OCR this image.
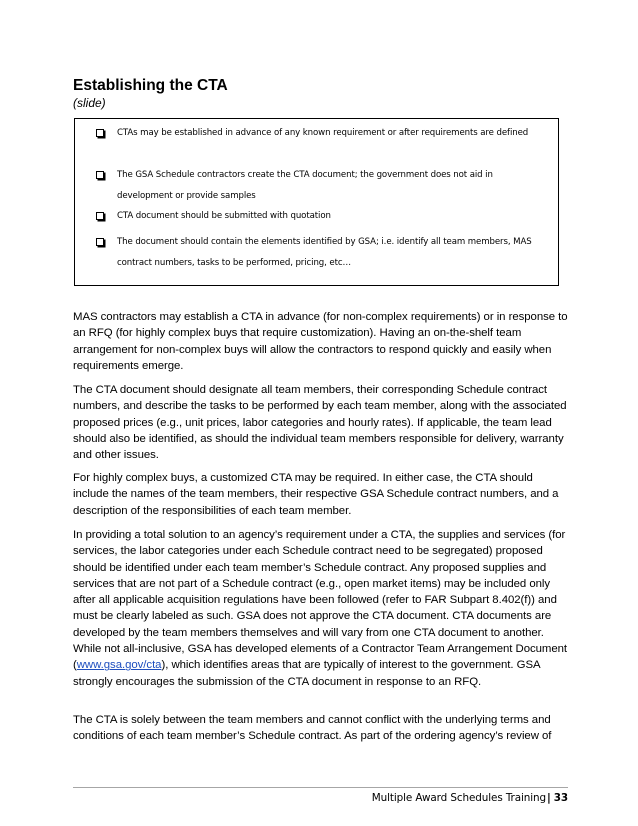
Establishing the CTA
(slide)
CTAs may be established in advance of any known requirement or after requirements are defined
The GSA Schedule contractors create the CTA document; the government does not aid in development or provide samples
CTA document should be submitted with quotation
The document should contain the elements identified by GSA; i.e. identify all team members, MAS contract numbers, tasks to be performed, pricing, etc…

MAS contractors may establish a CTA in advance (for non-complex requirements) or in response to an RFQ (for highly complex buys that require customization). Having an on-the-shelf team arrangement for non-complex buys will allow the contractors to respond quickly and easily when requirements emerge.

The CTA document should designate all team members, their corresponding Schedule contract numbers, and describe the tasks to be performed by each team member, along with the associated proposed prices (e.g., unit prices, labor categories and hourly rates). If applicable, the team lead should also be identified, as should the individual team members responsible for delivery, warranty and other issues.

For highly complex buys, a customized CTA may be required. In either case, the CTA should include the names of the team members, their respective GSA Schedule contract numbers, and a description of the responsibilities of each team member.

In providing a total solution to an agency’s requirement under a CTA, the supplies and services (for services, the labor categories under each Schedule contract need to be segregated) proposed should be identified under each team member’s Schedule contract. Any proposed supplies and services that are not part of a Schedule contract (e.g., open market items) may be included only after all applicable acquisition regulations have been followed (refer to FAR Subpart 8.402(f)) and must be clearly labeled as such. GSA does not approve the CTA document. CTA documents are developed by the team members themselves and will vary from one CTA document to another. While not all-inclusive, GSA has developed elements of a Contractor Team Arrangement Document (www.gsa.gov/cta), which identifies areas that are typically of interest to the government. GSA strongly encourages the submission of the CTA document in response to an RFQ.

The CTA is solely between the team members and cannot conflict with the underlying terms and conditions of each team member’s Schedule contract. As part of the ordering agency’s review of

Multiple Award Schedules Training| 33
